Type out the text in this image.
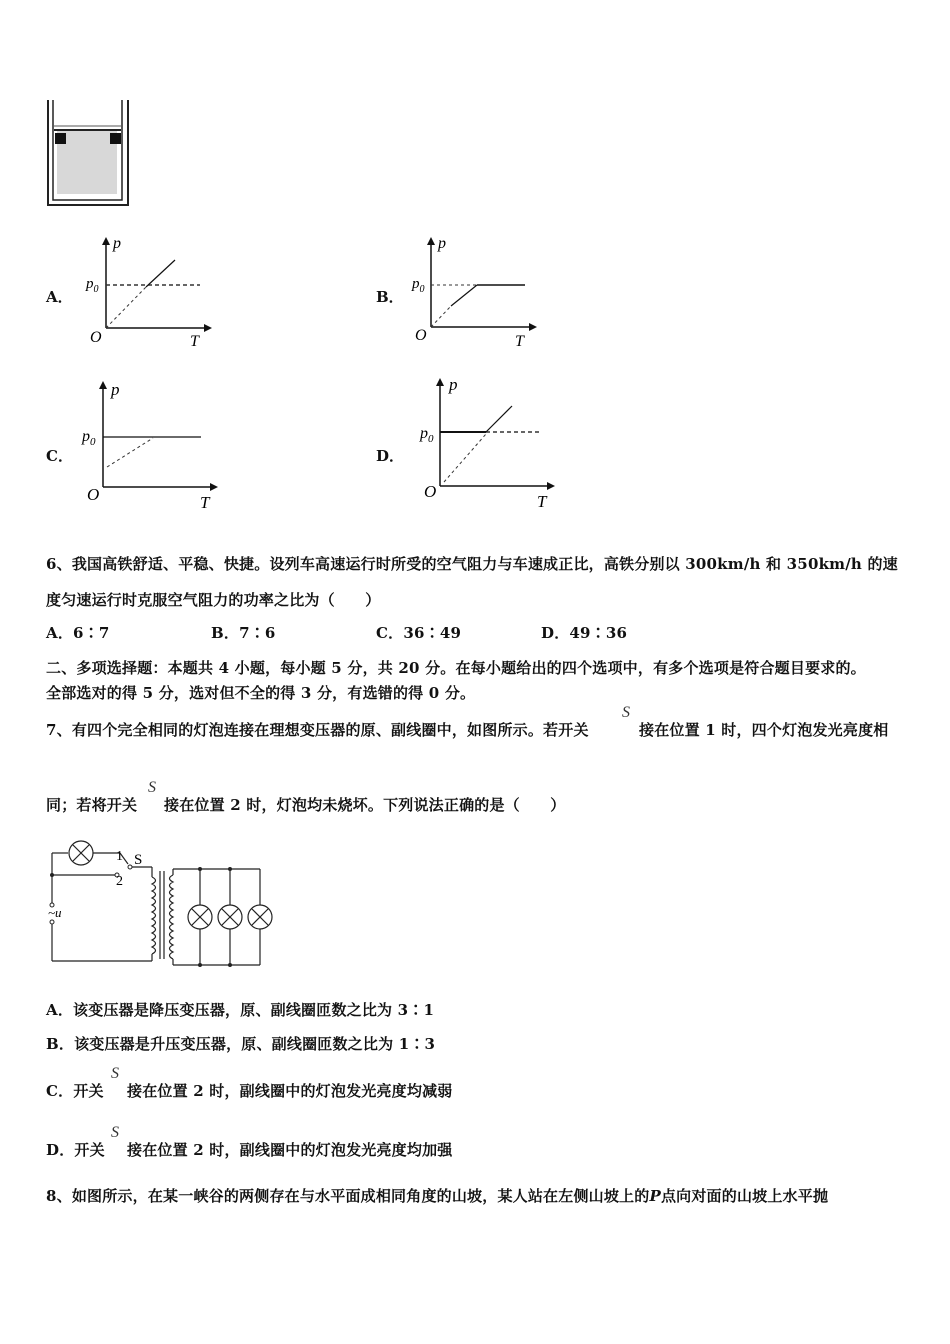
A．
p
T
O
$p_0$	B．
p
T
O
$p_0$
C．
p
T
O
$p_0$
D．
p
T
O
$p_0$
6、我国高铁舒适、平稳、快捷。设列车高速运行时所受的空气阻力与车速成正比，高铁分别以 300km/h 和 350km/h 的速
度匀速运行时克服空气阻力的功率之比为（　　）
A．6∶7	B．7∶6	C．36∶49	D．49∶36
二、多项选择题：本题共 4 小题，每小题 5 分，共 20 分。在每小题给出的四个选项中，有多个选项是符合题目要求的。
全部选对的得 5 分，选对但不全的得 3 分，有选错的得 0 分。
7、有四个完全相同的灯泡连接在理想变压器的原、副线圈中，如图所示。若开关
S
接在位置 1 时，四个灯泡发光亮度相
同；若将开关
S
接在位置 2 时，灯泡均未烧坏。下列说法正确的是（　　）
1 S
2
~u
A．该变压器是降压变压器，原、副线圈匝数之比为 3∶1
B．该变压器是升压变压器，原、副线圈匝数之比为 1∶3
C．开关
S
接在位置 2 时，副线圈中的灯泡发光亮度均减弱
D．开关
S
接在位置 2 时，副线圈中的灯泡发光亮度均加强
8、如图所示，在某一峡谷的两侧存在与水平面成相同角度的山坡，某人站在左侧山坡上的P点向对面的山坡上水平抛
